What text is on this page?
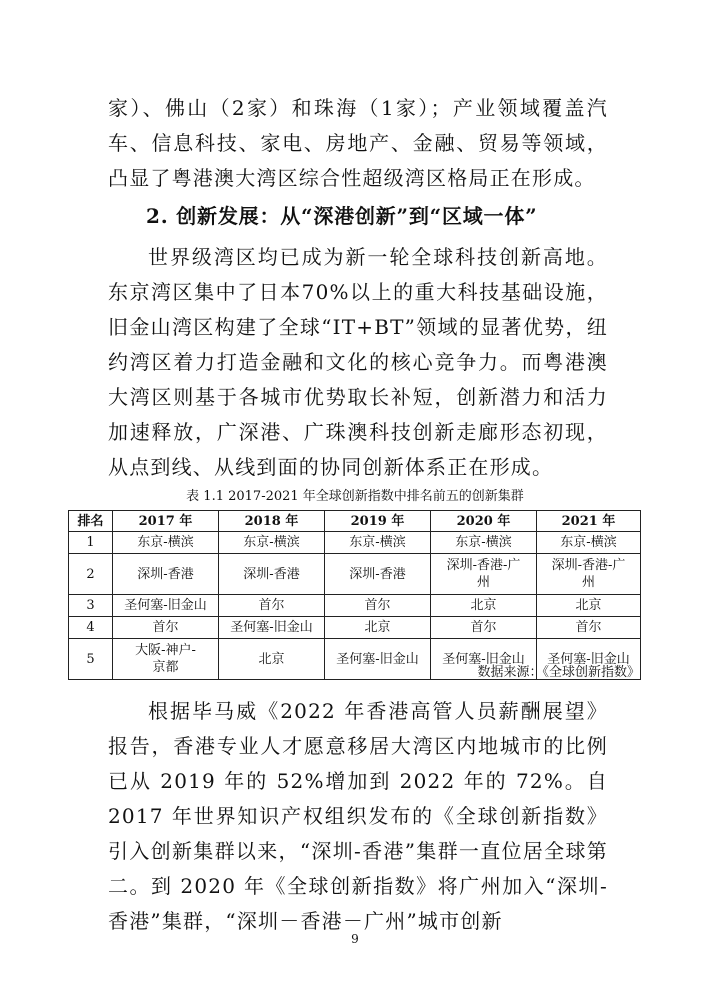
家）、佛山（2家）和珠海（1家）；产业领域覆盖汽车、信息科技、家电、房地产、金融、贸易等领域，凸显了粤港澳大湾区综合性超级湾区格局正在形成。

2. 创新发展：从“深港创新”到“区域一体”

世界级湾区均已成为新一轮全球科技创新高地。东京湾区集中了日本70%以上的重大科技基础设施，旧金山湾区构建了全球“IT+BT”领域的显著优势，纽约湾区着力打造金融和文化的核心竞争力。而粤港澳大湾区则基于各城市优势取长补短，创新潜力和活力加速释放，广深港、广珠澳科技创新走廊形态初现，从点到线、从线到面的协同创新体系正在形成。

表 1.1 2017-2021 年全球创新指数中排名前五的创新集群

排名	2017 年	2018 年	2019 年	2020 年	2021 年
1	东京-横滨	东京-横滨	东京-横滨	东京-横滨	东京-横滨
2	深圳-香港	深圳-香港	深圳-香港	深圳-香港-广州	深圳-香港-广州
3	圣何塞-旧金山	首尔	首尔	北京	北京
4	首尔	圣何塞-旧金山	北京	首尔	首尔
5	大阪-神户-京都	北京	圣何塞-旧金山	圣何塞-旧金山	圣何塞-旧金山

数据来源：《全球创新指数》

根据毕马威《2022 年香港高管人员薪酬展望》报告，香港专业人才愿意移居大湾区内地城市的比例已从 2019 年的 52%增加到 2022 年的 72%。自 2017 年世界知识产权组织发布的《全球创新指数》引入创新集群以来，“深圳-香港”集群一直位居全球第二。到 2020 年《全球创新指数》将广州加入“深圳-香港”集群，“深圳－香港－广州”城市创新

9
